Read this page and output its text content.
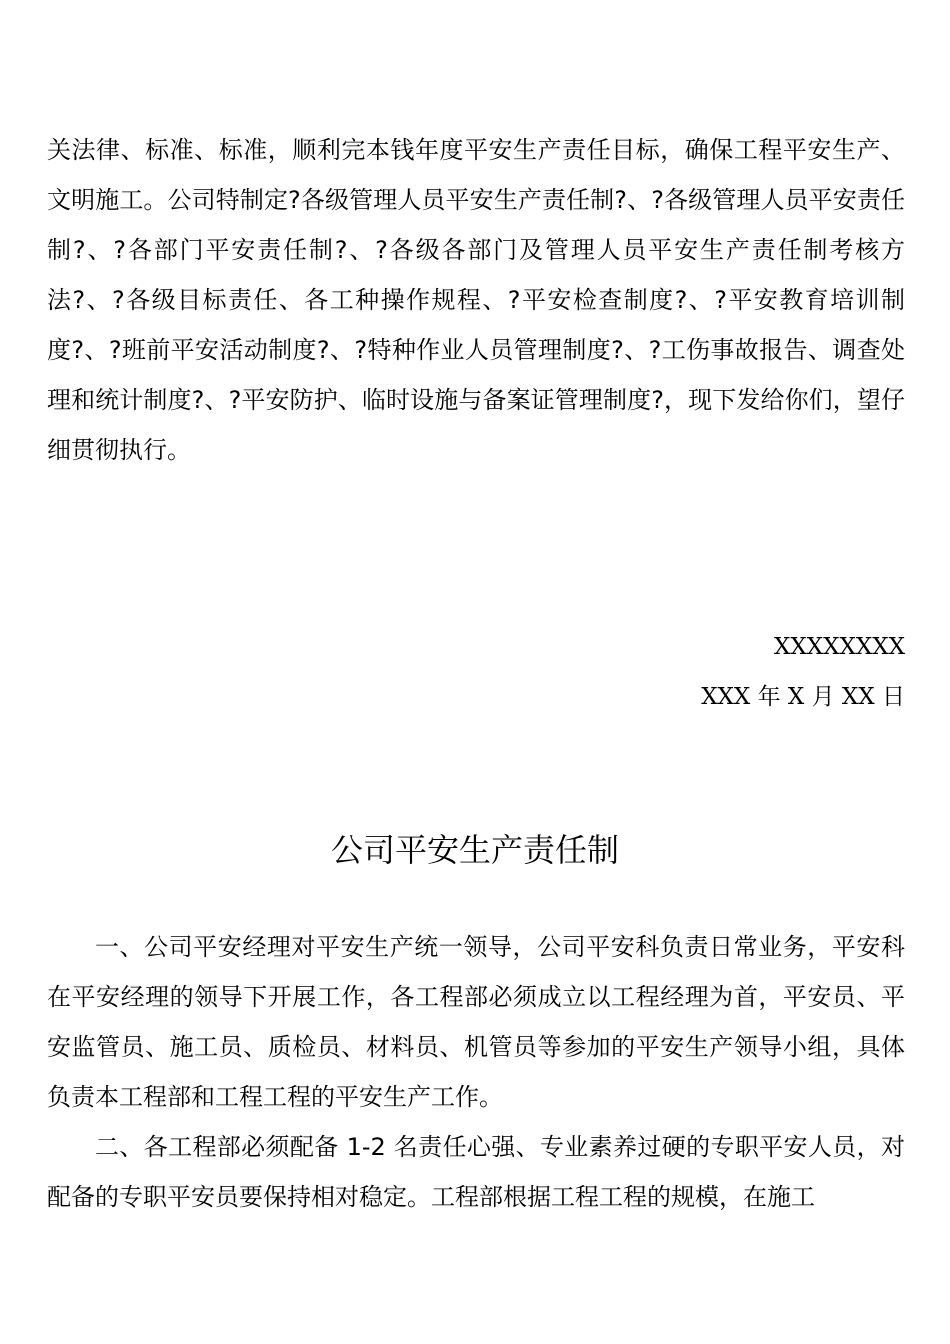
关法律、标准、标准，顺利完本钱年度平安生产责任目标，确保工程平安生产、文明施工。公司特制定?各级管理人员平安生产责任制?、?各级管理人员平安责任制?、?各部门平安责任制?、?各级各部门及管理人员平安生产责任制考核方法?、?各级目标责任、各工种操作规程、?平安检查制度?、?平安教育培训制度?、?班前平安活动制度?、?特种作业人员管理制度?、?工伤事故报告、调查处理和统计制度?、?平安防护、临时设施与备案证管理制度?，现下发给你们，望仔细贯彻执行。

XXXXXXXX
XXX 年 X 月 XX 日
公司平安生产责任制

一、公司平安经理对平安生产统一领导，公司平安科负责日常业务，平安科在平安经理的领导下开展工作，各工程部必须成立以工程经理为首，平安员、平安监管员、施工员、质检员、材料员、机管员等参加的平安生产领导小组，具体负责本工程部和工程工程的平安生产工作。

二、各工程部必须配备 1-2 名责任心强、专业素养过硬的专职平安人员，对配备的专职平安员要保持相对稳定。工程部根据工程工程的规模，在施工
